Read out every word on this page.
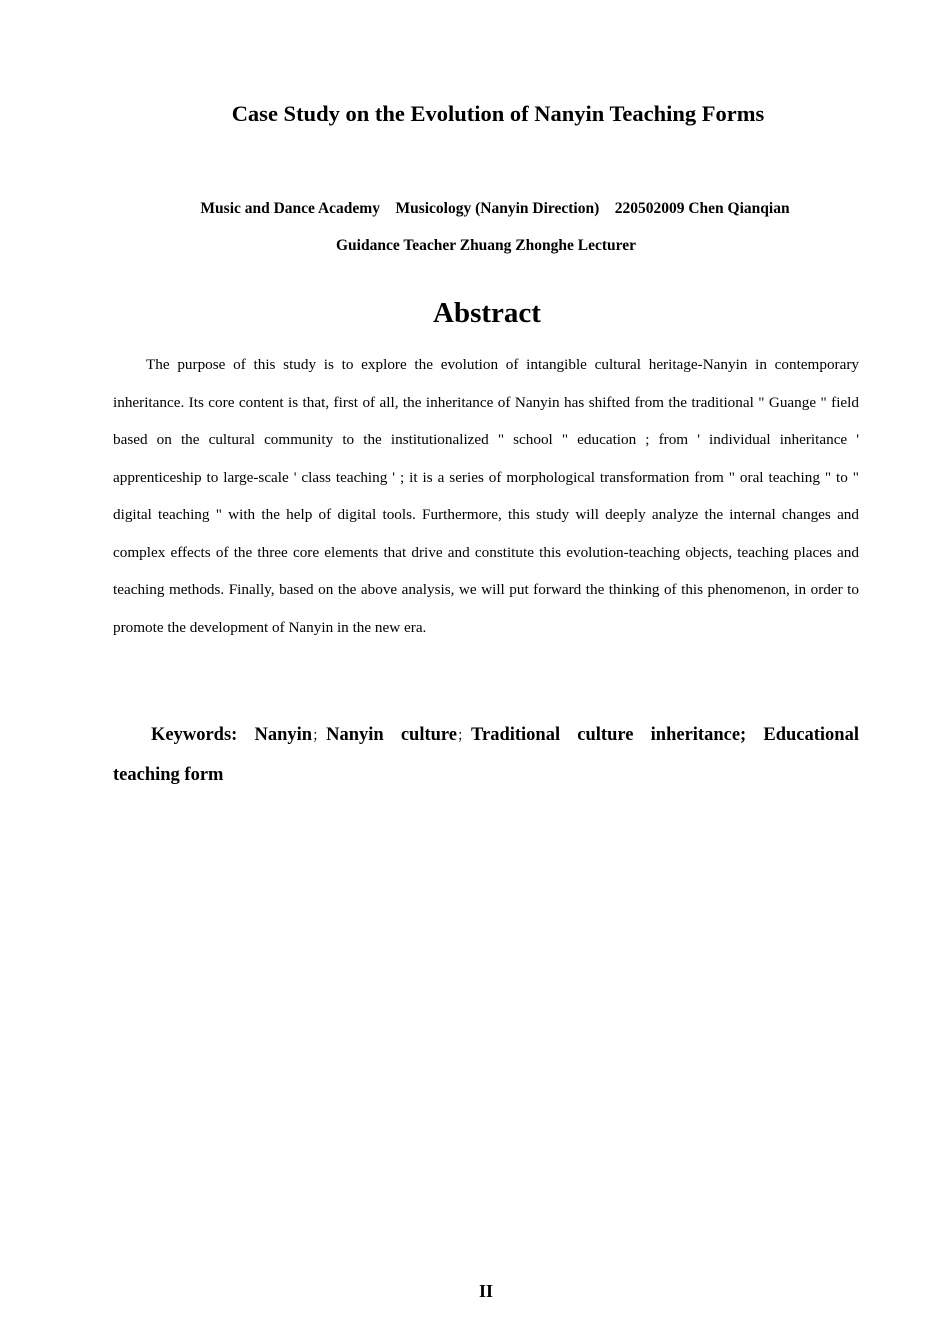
Case Study on the Evolution of Nanyin Teaching Forms
Music and Dance Academy    Musicology (Nanyin Direction)    220502009 Chen Qianqian
Guidance Teacher Zhuang Zhonghe Lecturer
Abstract

The purpose of this study is to explore the evolution of intangible cultural heritage-Nanyin in contemporary inheritance. Its core content is that, first of all, the inheritance of Nanyin has shifted from the traditional " Guange " field based on the cultural community to the institutionalized " school " education ; from ' individual inheritance ' apprenticeship to large-scale ' class teaching ' ; it is a series of morphological transformation from " oral teaching " to " digital teaching " with the help of digital tools. Furthermore, this study will deeply analyze the internal changes and complex effects of the three core elements that drive and constitute this evolution-teaching objects, teaching places and teaching methods. Finally, based on the above analysis, we will put forward the thinking of this phenomenon, in order to promote the development of Nanyin in the new era.

Keywords: Nanyin；Nanyin culture；Traditional culture inheritance; Educational teaching form

II
